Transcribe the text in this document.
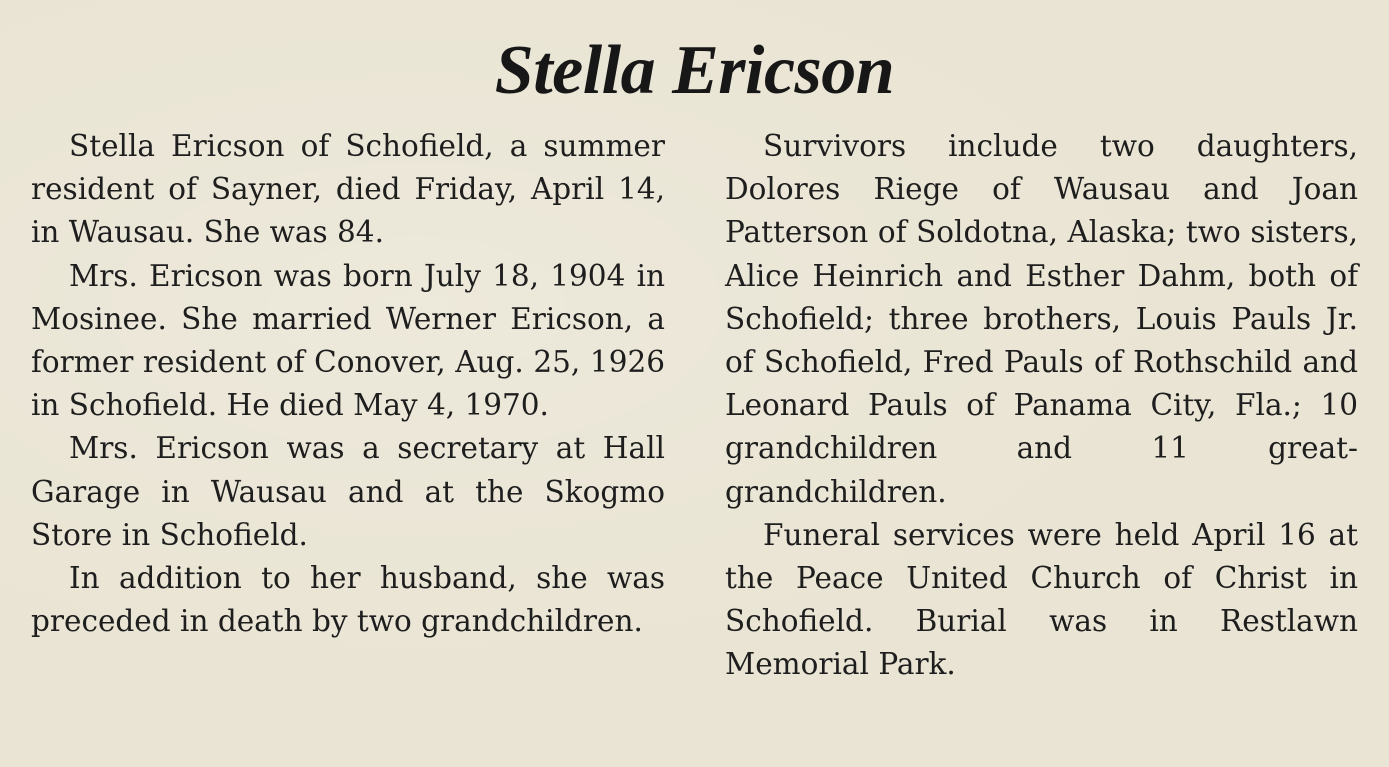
Stella Ericson

Stella Ericson of Schofield, a summer resident of Sayner, died Friday, April 14, in Wausau. She was 84.

Mrs. Ericson was born July 18, 1904 in Mosinee. She married Werner Ericson, a former resident of Conover, Aug. 25, 1926 in Schofield. He died May 4, 1970.

Mrs. Ericson was a secretary at Hall Garage in Wausau and at the Skogmo Store in Schofield.

In addition to her husband, she was preceded in death by two grandchildren.

Survivors include two daughters, Dolores Riege of Wausau and Joan Patterson of Soldotna, Alaska; two sisters, Alice Heinrich and Esther Dahm, both of Schofield; three brothers, Louis Pauls Jr. of Schofield, Fred Pauls of Rothschild and Leonard Pauls of Panama City, Fla.; 10 grandchildren and 11 great-grandchildren.

Funeral services were held April 16 at the Peace United Church of Christ in Schofield. Burial was in Restlawn Memorial Park.
